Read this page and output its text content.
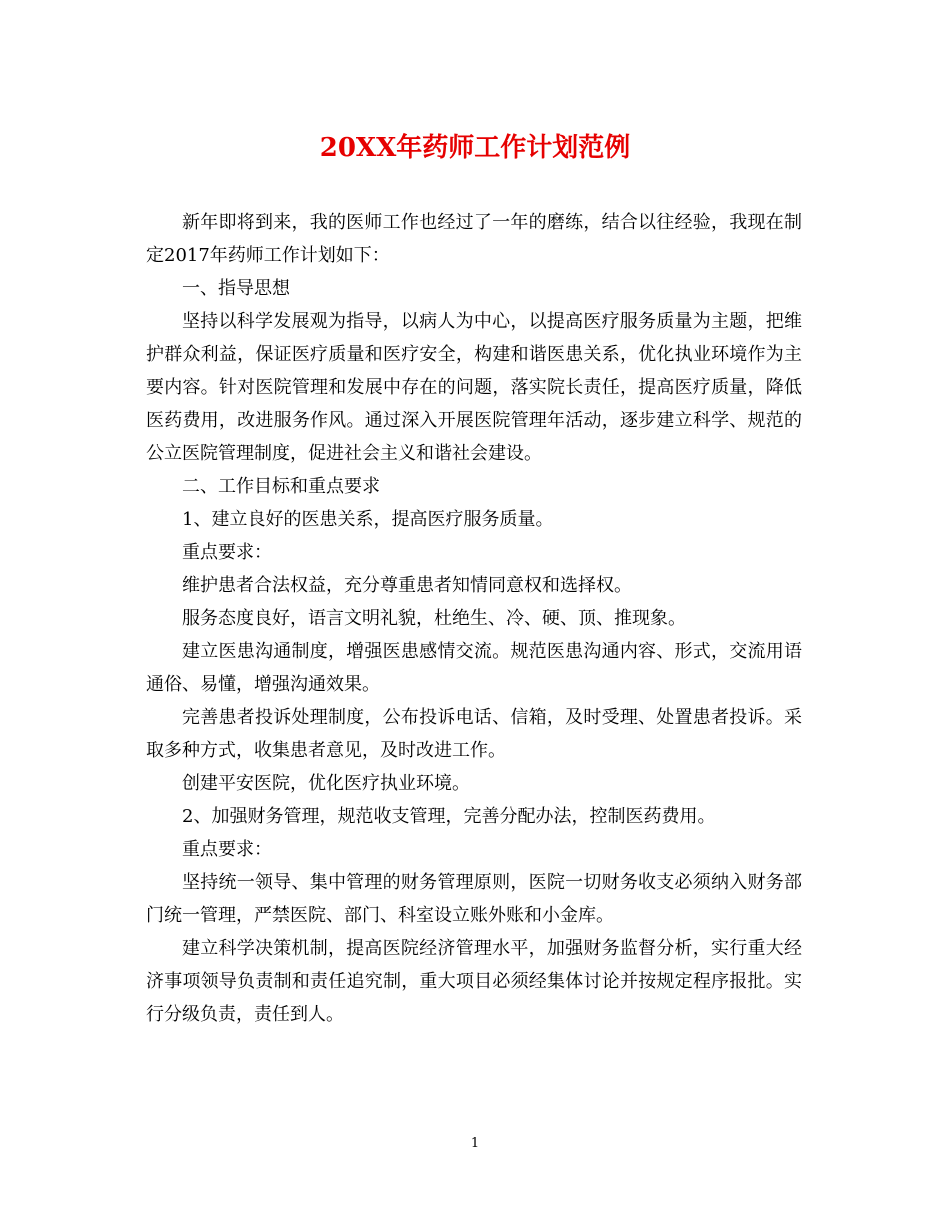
20XX年药师工作计划范例

新年即将到来，我的医师工作也经过了一年的磨练，结合以往经验，我现在制定2017年药师工作计划如下：

一、指导思想

坚持以科学发展观为指导，以病人为中心，以提高医疗服务质量为主题，把维护群众利益，保证医疗质量和医疗安全，构建和谐医患关系，优化执业环境作为主要内容。针对医院管理和发展中存在的问题，落实院长责任，提高医疗质量，降低医药费用，改进服务作风。通过深入开展医院管理年活动，逐步建立科学、规范的公立医院管理制度，促进社会主义和谐社会建设。

二、工作目标和重点要求

1、建立良好的医患关系，提高医疗服务质量。

重点要求：

维护患者合法权益，充分尊重患者知情同意权和选择权。

服务态度良好，语言文明礼貌，杜绝生、冷、硬、顶、推现象。

建立医患沟通制度，增强医患感情交流。规范医患沟通内容、形式，交流用语通俗、易懂，增强沟通效果。

完善患者投诉处理制度，公布投诉电话、信箱，及时受理、处置患者投诉。采取多种方式，收集患者意见，及时改进工作。

创建平安医院，优化医疗执业环境。

2、加强财务管理，规范收支管理，完善分配办法，控制医药费用。

重点要求：

坚持统一领导、集中管理的财务管理原则，医院一切财务收支必须纳入财务部门统一管理，严禁医院、部门、科室设立账外账和小金库。

建立科学决策机制，提高医院经济管理水平，加强财务监督分析，实行重大经济事项领导负责制和责任追究制，重大项目必须经集体讨论并按规定程序报批。实行分级负责，责任到人。

1
